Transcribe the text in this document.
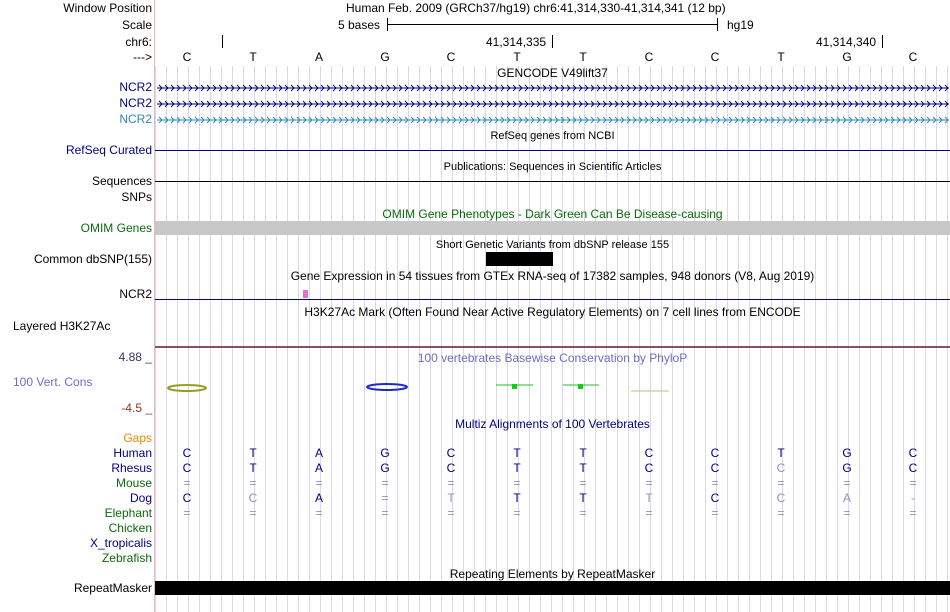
Window Position	Human Feb. 2009 (GRCh37/hg19) chr6:41,314,330-41,314,341 (12 bp)
Scale	5 bases	hg19
chr6:	41,314,335	41,314,340
--->	C	T	A	G	C	T	T	C	C	T	G	C
GENCODE V49lift37
NCR2
NCR2
NCR2
RefSeq genes from NCBI
RefSeq Curated
Publications: Sequences in Scientific Articles
Sequences
SNPs
OMIM Gene Phenotypes - Dark Green Can Be Disease-causing
OMIM Genes
Short Genetic Variants from dbSNP release 155
Common dbSNP(155)
Gene Expression in 54 tissues from GTEx RNA-seq of 17382 samples, 948 donors (V8, Aug 2019)
NCR2
H3K27Ac Mark (Often Found Near Active Regulatory Elements) on 7 cell lines from ENCODE
Layered H3K27Ac
4.88 _	100 vertebrates Basewise Conservation by PhyloP
100 Vert. Cons
-4.5 _
Multiz Alignments of 100 Vertebrates
Gaps
Human	C	T	A	G	C	T	T	C	C	T	G	C
Rhesus	C	T	A	G	C	T	T	C	C	C	G	C
Mouse	=	=	=	=	=	=	=	=	=	=	=	=
Dog	C	C	A	=	T	T	T	T	C	C	A	-
Elephant	=	=	=	=	=	=	=	=	=	=	=	=
Chicken
X_tropicalis
Zebrafish
Repeating Elements by RepeatMasker
RepeatMasker
